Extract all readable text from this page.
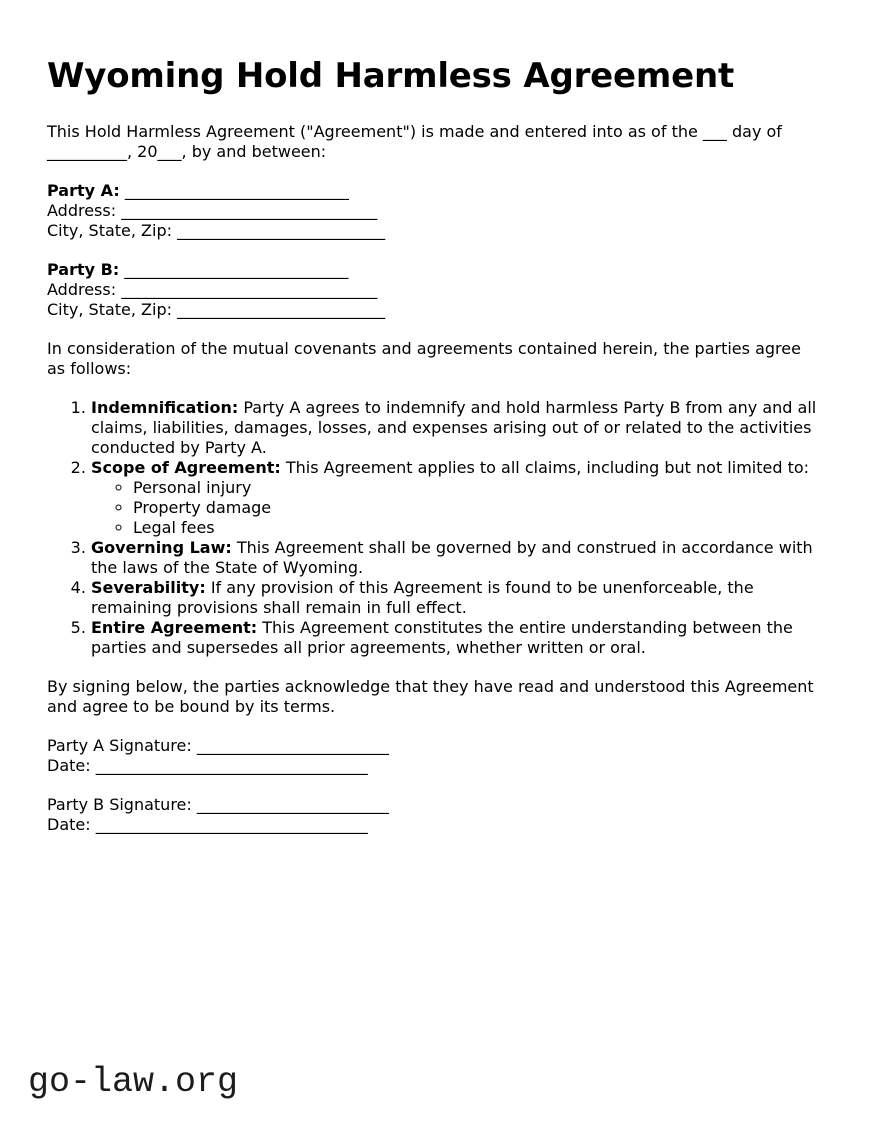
Wyoming Hold Harmless Agreement

This Hold Harmless Agreement ("Agreement") is made and entered into as of the ___ day of __________, 20___, by and between:

Party A: ____________________________
Address: ________________________________
City, State, Zip: __________________________
Party B: ____________________________
Address: ________________________________
City, State, Zip: __________________________

In consideration of the mutual covenants and agreements contained herein, the parties agree as follows:

1. Indemnification: Party A agrees to indemnify and hold harmless Party B from any and all claims, liabilities, damages, losses, and expenses arising out of or related to the activities conducted by Party A.
2. Scope of Agreement: This Agreement applies to all claims, including but not limited to:
◦ Personal injury
◦ Property damage
◦ Legal fees
3. Governing Law: This Agreement shall be governed by and construed in accordance with the laws of the State of Wyoming.
4. Severability: If any provision of this Agreement is found to be unenforceable, the remaining provisions shall remain in full effect.
5. Entire Agreement: This Agreement constitutes the entire understanding between the parties and supersedes all prior agreements, whether written or oral.

By signing below, the parties acknowledge that they have read and understood this Agreement and agree to be bound by its terms.

Party A Signature: ________________________
Date: __________________________________
Party B Signature: ________________________
Date: __________________________________
go-law.org
